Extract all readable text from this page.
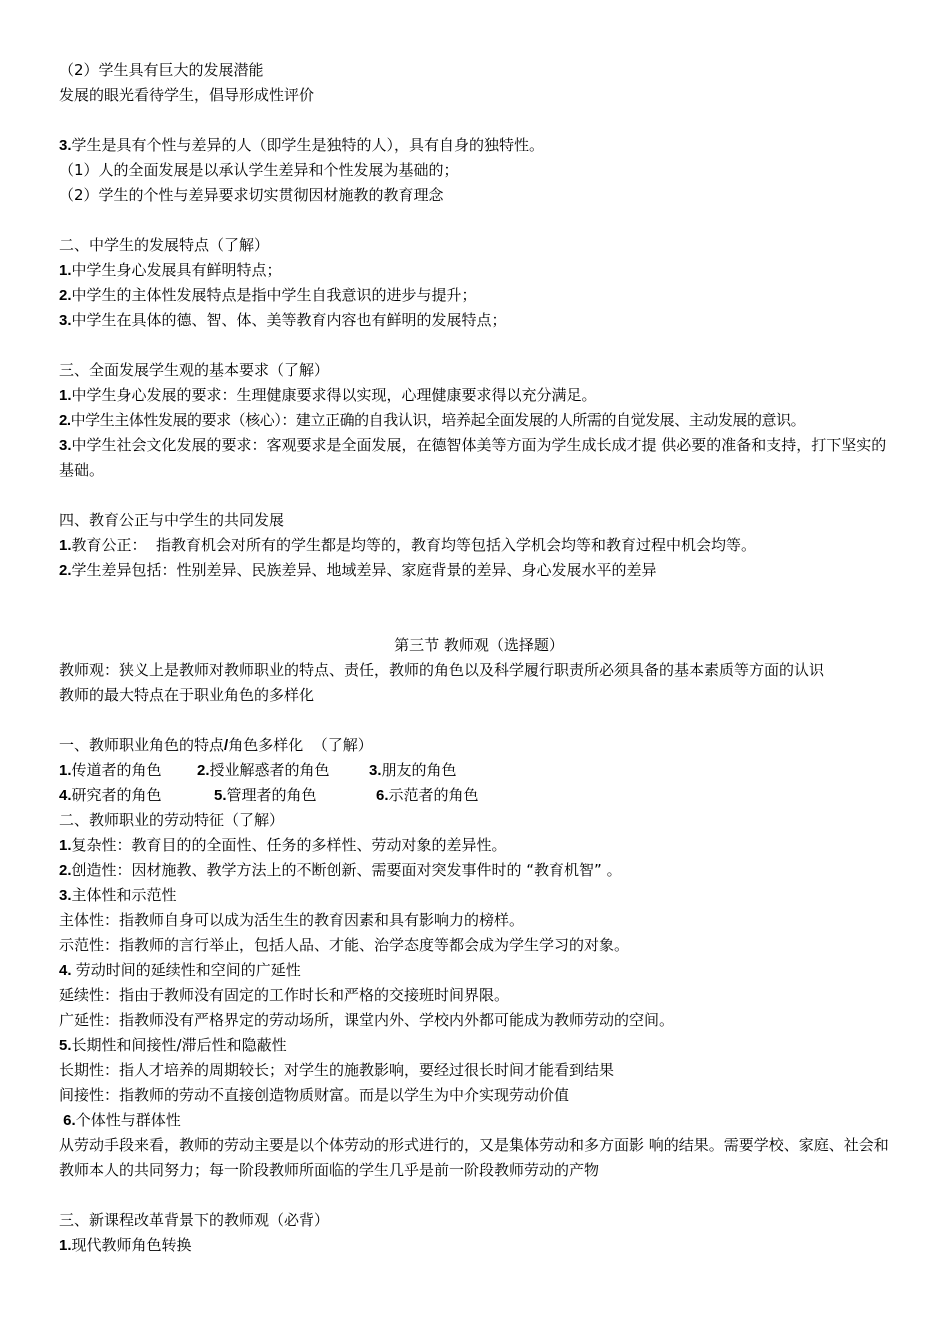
（2）学生具有巨大的发展潜能
发展的眼光看待学生，倡导形成性评价
3.学生是具有个性与差异的人（即学生是独特的人），具有自身的独特性。
（1）人的全面发展是以承认学生差异和个性发展为基础的；
（2）学生的个性与差异要求切实贯彻因材施教的教育理念
二、中学生的发展特点（了解）
1.中学生身心发展具有鲜明特点；
2.中学生的主体性发展特点是指中学生自我意识的进步与提升；
3.中学生在具体的德、智、体、美等教育内容也有鲜明的发展特点；
三、全面发展学生观的基本要求（了解）
1.中学生身心发展的要求：生理健康要求得以实现，心理健康要求得以充分满足。
2.中学生主体性发展的要求（核心）：建立正确的自我认识，培养起全面发展的人所需的自觉发展、主动发展的意识。
3.中学生社会文化发展的要求：客观要求是全面发展，在德智体美等方面为学生成长成才提 供必要的准备和支持，打下坚实的基础。
四、教育公正与中学生的共同发展
1.教育公正：  指教育机会对所有的学生都是均等的，教育均等包括入学机会均等和教育过程中机会均等。
2.学生差异包括：性别差异、民族差异、地域差异、家庭背景的差异、身心发展水平的差异
第三节 教师观（选择题）
教师观：狭义上是教师对教师职业的特点、责任，教师的角色以及科学履行职责所必须具备的基本素质等方面的认识
教师的最大特点在于职业角色的多样化
一、教师职业角色的特点/角色多样化  （了解）
1.传道者的角色 2.授业解惑者的角色	3.朋友的角色
4.研究者的角色	5.管理者的角色	6.示范者的角色
二、教师职业的劳动特征（了解）
1.复杂性：教育目的的全面性、任务的多样性、劳动对象的差异性。
2.创造性：因材施教、教学方法上的不断创新、需要面对突发事件时的 “教育机智” 。
3.主体性和示范性
主体性：指教师自身可以成为活生生的教育因素和具有影响力的榜样。
示范性：指教师的言行举止，包括人品、才能、治学态度等都会成为学生学习的对象。
4. 劳动时间的延续性和空间的广延性
延续性：指由于教师没有固定的工作时长和严格的交接班时间界限。
广延性：指教师没有严格界定的劳动场所，课堂内外、学校内外都可能成为教师劳动的空间。
5.长期性和间接性/滞后性和隐蔽性
长期性：指人才培养的周期较长；对学生的施教影响，要经过很长时间才能看到结果
间接性：指教师的劳动不直接创造物质财富。而是以学生为中介实现劳动价值
6.个体性与群体性
从劳动手段来看，教师的劳动主要是以个体劳动的形式进行的，又是集体劳动和多方面影 响的结果。需要学校、家庭、社会和教师本人的共同努力；每一阶段教师所面临的学生几乎是前一阶段教师劳动的产物
三、新课程改革背景下的教师观（必背）
1.现代教师角色转换
